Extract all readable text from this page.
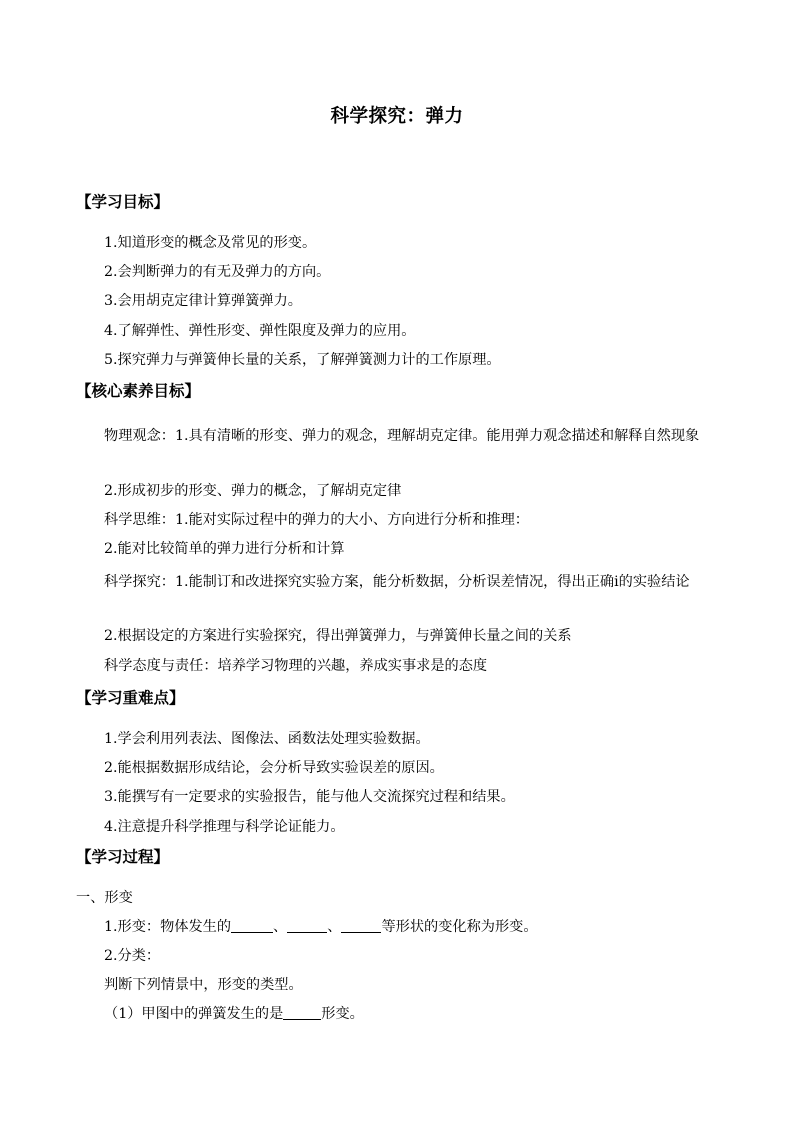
科学探究：弹力
【学习目标】
1.知道形变的概念及常见的形变。
2.会判断弹力的有无及弹力的方向。
3.会用胡克定律计算弹簧弹力。
4.了解弹性、弹性形变、弹性限度及弹力的应用。
5.探究弹力与弹簧伸长量的关系，了解弹簧测力计的工作原理。
【核心素养目标】
物理观念：1.具有清晰的形变、弹力的观念，理解胡克定律。能用弹力观念描述和解释自然现象
2.形成初步的形变、弹力的概念，了解胡克定律
科学思维：1.能对实际过程中的弹力的大小、方向进行分析和推理：
2.能对比较简单的弹力进行分析和计算
科学探究：1.能制订和改进探究实验方案，能分析数据，分析误差情况，得出正确i的实验结论
2.根据设定的方案进行实验探究，得出弹簧弹力，与弹簧伸长量之间的关系
科学态度与责任：培养学习物理的兴趣，养成实事求是的态度
【学习重难点】
1.学会利用列表法、图像法、函数法处理实验数据。
2.能根据数据形成结论，会分析导致实验误差的原因。
3.能撰写有一定要求的实验报告，能与他人交流探究过程和结果。
4.注意提升科学推理与科学论证能力。
【学习过程】
一、形变
1.形变：物体发生的	、	、	等形状的变化称为形变。
2.分类：
判断下列情景中，形变的类型。
（1）甲图中的弹簧发生的是	形变。
